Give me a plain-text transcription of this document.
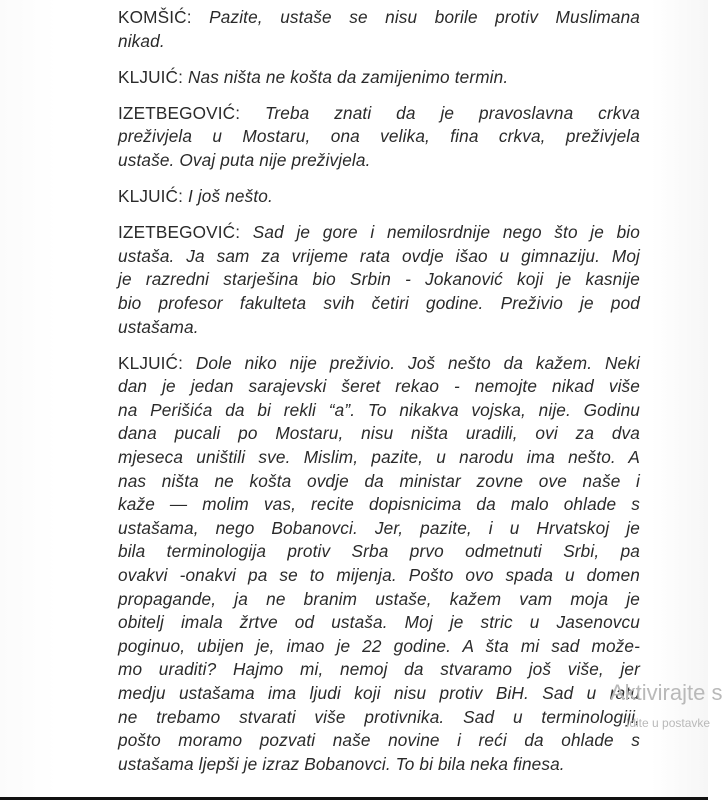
KOMŠIĆ: Pazite, ustaše se nisu borile protiv Muslimana
nikad.
KLJUIĆ: Nas ništa ne košta da zamijenimo termin.
IZETBEGOVIĆ: Treba znati da je pravoslavna crkva
preživjela u Mostaru, ona velika, fina crkva, preživjela
ustaše. Ovaj puta nije preživjela.
KLJUIĆ: I još nešto.
IZETBEGOVIĆ: Sad je gore i nemilosrdnije nego što je bio
ustaša. Ja sam za vrijeme rata ovdje išao u gimnaziju. Moj
je razredni starješina bio Srbin - Jokanović koji je kasnije
bio profesor fakulteta svih četiri godine. Preživio je pod
ustašama.
KLJUIĆ: Dole niko nije preživio. Još nešto da kažem. Neki
dan je jedan sarajevski šeret rekao - nemojte nikad više
na Perišića da bi rekli “a”. To nikakva vojska, nije. Godinu
dana pucali po Mostaru, nisu ništa uradili, ovi za dva
mjeseca uništili sve. Mislim, pazite, u narodu ima nešto. A
nas ništa ne košta ovdje da ministar zovne ove naše i
kaže — molim vas, recite dopisnicima da malo ohlade s
ustašama, nego Bobanovci. Jer, pazite, i u Hrvatskoj je
bila terminologija protiv Srba prvo odmetnuti Srbi, pa
ovakvi -onakvi pa se to mijenja. Pošto ovo spada u domen
propagande, ja ne branim ustaše, kažem vam moja je
obitelj imala žrtve od ustaša. Moj je stric u Jasenovcu
poginuo, ubijen je, imao je 22 godine. A šta mi sad može-
mo uraditi? Hajmo mi, nemoj da stvaramo još više, jer
medju ustašama ima ljudi koji nisu protiv BiH. Sad u ratu
ne trebamo stvarati više protivnika. Sad u terminologiji,
pošto moramo pozvati naše novine i reći da ohlade s
ustašama ljepši je izraz Bobanovci. To bi bila neka finesa.
Aktivirajte s
Idite u postavke
